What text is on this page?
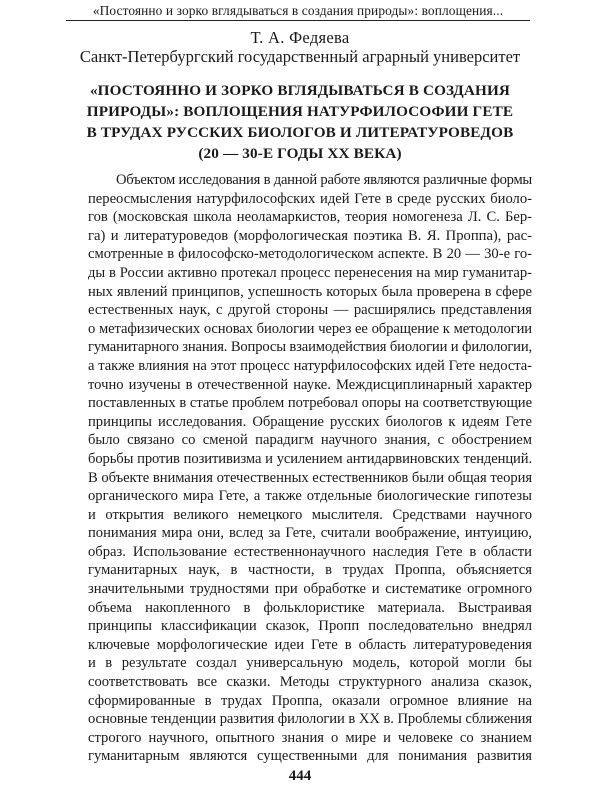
«Постоянно и зорко вглядываться в создания природы»: воплощения...
Т. А. Федяева
Санкт-Петербургский государственный аграрный университет
«ПОСТОЯННО И ЗОРКО ВГЛЯДЫВАТЬСЯ В СОЗДАНИЯ
ПРИРОДЫ»: ВОПЛОЩЕНИЯ НАТУРФИЛОСОФИИ ГЕТЕ
В ТРУДАХ РУССКИХ БИОЛОГОВ И ЛИТЕРАТУРОВЕДОВ
(20 — 30-Е ГОДЫ XX ВЕКА)

Объектом исследования в данной работе являются различные формы
переосмысления натурфилософских идей Гете в среде русских биоло-
гов (московская школа неоламаркистов, теория номогенеза Л. С. Бер-
га) и литературоведов (морфологическая поэтика В. Я. Проппа), рас-
смотренные в философско-методологическом аспекте. В 20 — 30-е го-
ды в России активно протекал процесс перенесения на мир гуманитар-
ных явлений принципов, успешность которых была проверена в сфере
естественных наук, с другой стороны — расширялись представления
о метафизических основах биологии через ее обращение к методологии
гуманитарного знания. Вопросы взаимодействия биологии и филологии,
а также влияния на этот процесс натурфилософских идей Гете недоста-
точно изучены в отечественной науке. Междисциплинарный характер
поставленных в статье проблем потребовал опоры на соответствующие
принципы исследования. Обращение русских биологов к идеям Гете
было связано со сменой парадигм научного знания, с обострением
борьбы против позитивизма и усилением антидарвиновских тенденций.
В объекте внимания отечественных естественников были общая теория
органического мира Гете, а также отдельные биологические гипотезы
и открытия великого немецкого мыслителя. Средствами научного
понимания мира они, вслед за Гете, считали воображение, интуицию,
образ. Использование естественнонаучного наследия Гете в области
гуманитарных наук, в частности, в трудах Проппа, объясняется
значительными трудностями при обработке и систематике огромного
объема накопленного в фольклористике материала. Выстраивая
принципы классификации сказок, Пропп последовательно внедрял
ключевые морфологические идеи Гете в область литературоведения
и в результате создал универсальную модель, которой могли бы
соответствовать все сказки. Методы структурного анализа сказок,
сформированные в трудах Проппа, оказали огромное влияние на
основные тенденции развития филологии в XX в. Проблемы сближения
строгого научного, опытного знания о мире и человеке со знанием
гуманитарным являются существенными для понимания развития

444
